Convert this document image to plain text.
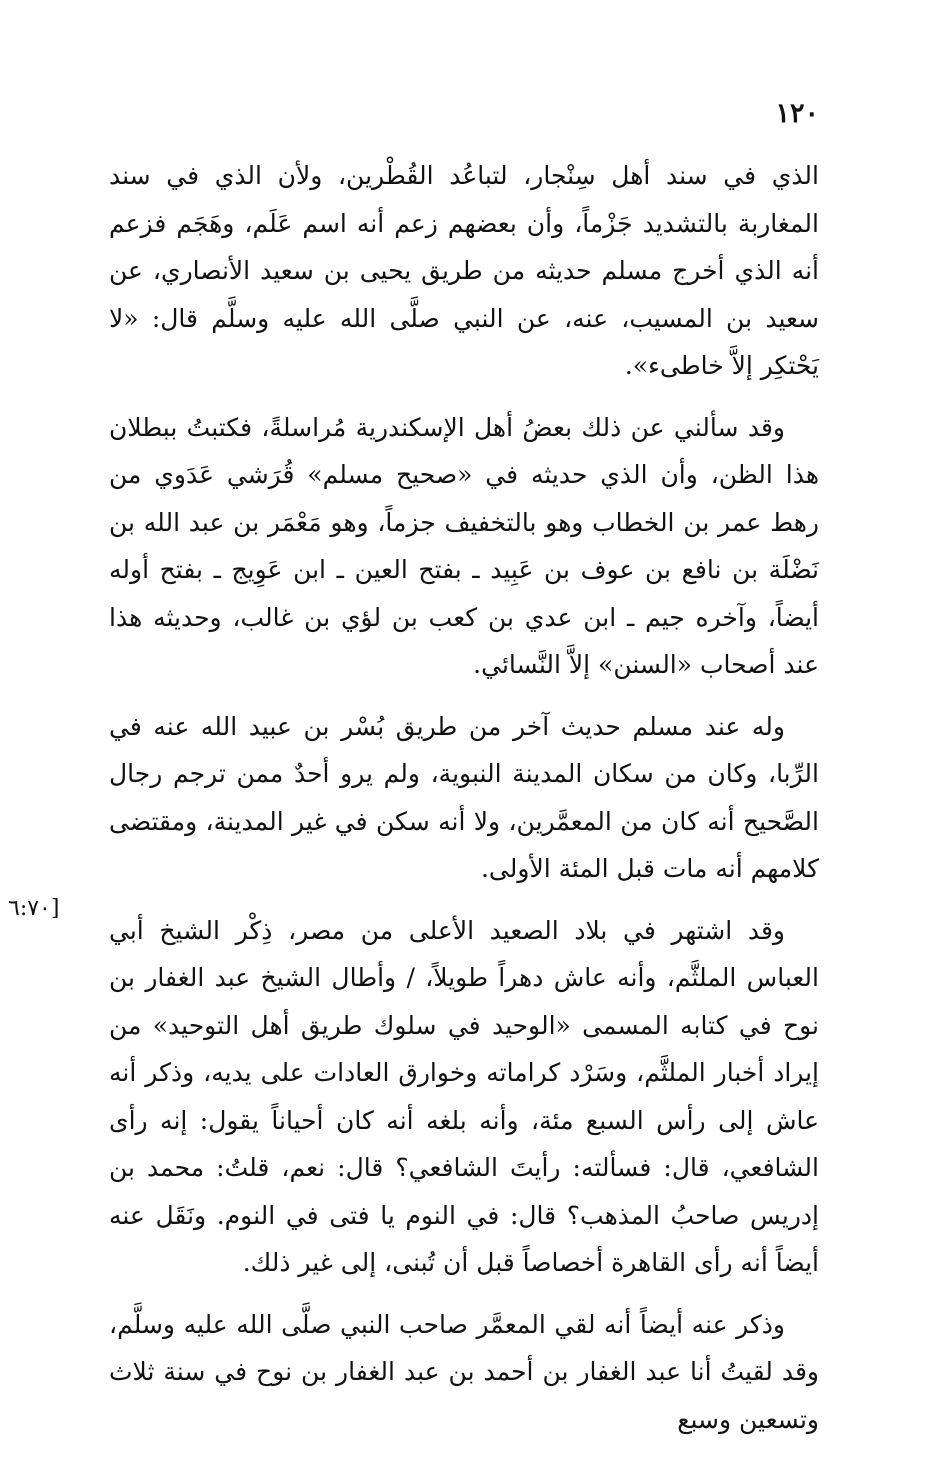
١٢٠

الذي في سند أهل سِنْجار، لتباعُد القُطْرين، ولأن الذي في سند المغاربة بالتشديد جَزْماً، وأن بعضهم زعم أنه اسم عَلَم، وهَجَم فزعم أنه الذي أخرج مسلم حديثه من طريق يحيى بن سعيد الأنصاري، عن سعيد بن المسيب، عنه، عن النبي صلَّى الله عليه وسلَّم قال: «لا يَحْتكِر إلاَّ خاطىء».

وقد سألني عن ذلك بعضُ أهل الإسكندرية مُراسلةً، فكتبتُ ببطلان هذا الظن، وأن الذي حديثه في «صحيح مسلم» قُرَشي عَدَوي من رهط عمر بن الخطاب وهو بالتخفيف جزماً، وهو مَعْمَر بن عبد الله بن نَضْلَة بن نافع بن عوف بن عَبِيد ـ بفتح العين ـ ابن عَوِيج ـ بفتح أوله أيضاً، وآخره جيم ـ ابن عدي بن كعب بن لؤي بن غالب، وحديثه هذا عند أصحاب «السنن» إلاَّ النَّسائي.

وله عند مسلم حديث آخر من طريق بُسْر بن عبيد الله عنه في الرِّبا، وكان من سكان المدينة النبوية، ولم يرو أحدٌ ممن ترجم رجال الصَّحيح أنه كان من المعمَّرين، ولا أنه سكن في غير المدينة، ومقتضى كلامهم أنه مات قبل المئة الأولى.

وقد اشتهر في بلاد الصعيد الأعلى من مصر، ذِكْر الشيخ أبي العباس الملثَّم، وأنه عاش دهراً طويلاً، / وأطال الشيخ عبد الغفار بن نوح في كتابه المسمى «الوحيد في سلوك طريق أهل التوحيد» من إيراد أخبار الملثَّم، وسَرْد كراماته وخوارق العادات على يديه، وذكر أنه عاش إلى رأس السبع مئة، وأنه بلغه أنه كان أحياناً يقول: إنه رأى الشافعي، قال: فسألته: رأيتَ الشافعي؟ قال: نعم، قلتُ: محمد بن إدريس صاحبُ المذهب؟ قال: في النوم يا فتى في النوم. ونَقَل عنه أيضاً أنه رأى القاهرة أخصاصاً قبل أن تُبنى، إلى غير ذلك.

وذكر عنه أيضاً أنه لقي المعمَّر صاحب النبي صلَّى الله عليه وسلَّم، وقد لقيتُ أنا عبد الغفار بن أحمد بن عبد الغفار بن نوح في سنة ثلاث وتسعين وسبع

[٦:٧٠
